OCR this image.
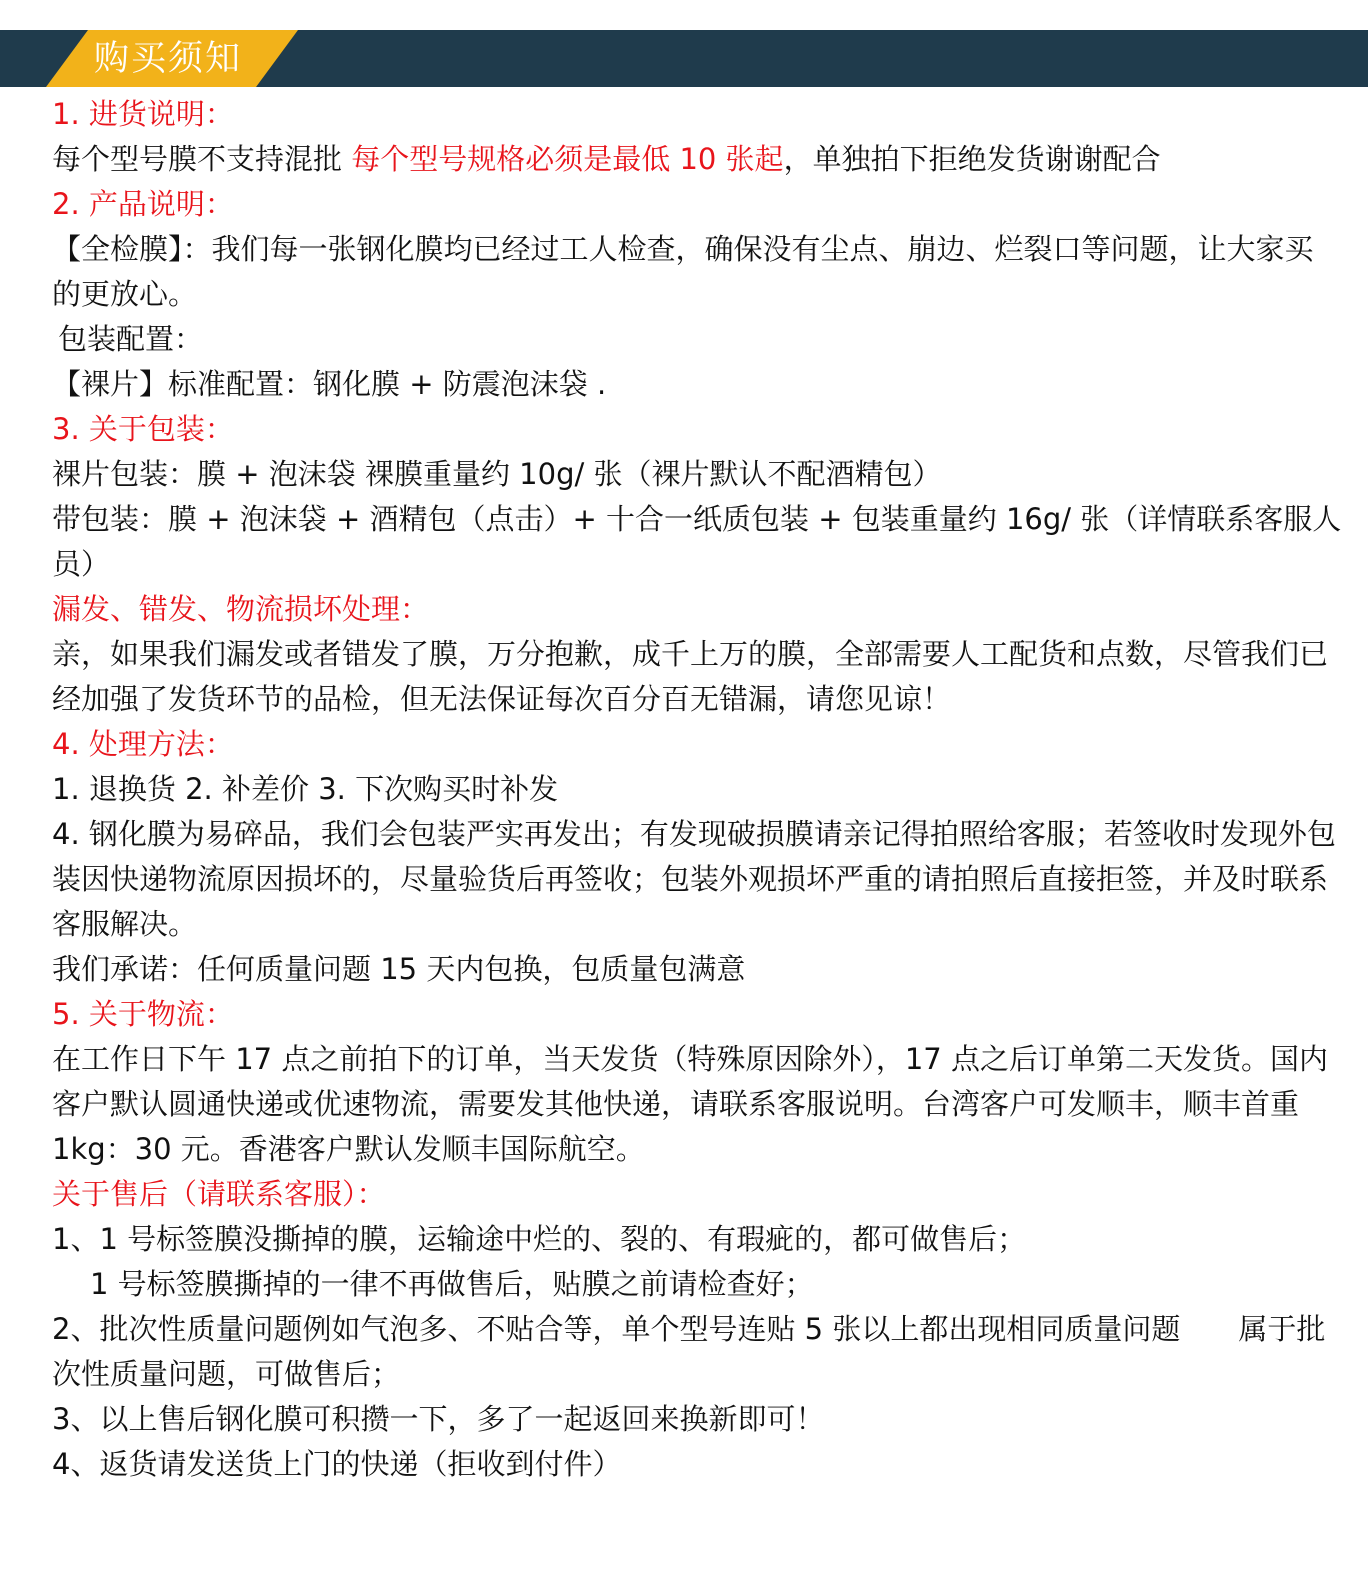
购买须知

1. 进货说明：

每个型号膜不支持混批 每个型号规格必须是最低 10 张起，单独拍下拒绝发货谢谢配合

2. 产品说明：

【全检膜】：我们每一张钢化膜均已经过工人检查，确保没有尘点、崩边、烂裂口等问题，让大家买的更放心。

包装配置：

【裸片】标准配置：钢化膜 + 防震泡沫袋 .

3. 关于包装：

裸片包装：膜 + 泡沫袋 裸膜重量约 10g/ 张（裸片默认不配酒精包）

带包装：膜 + 泡沫袋 + 酒精包（点击）+ 十合一纸质包装 + 包装重量约 16g/ 张（详情联系客服人员）

漏发、错发、物流损坏处理：

亲，如果我们漏发或者错发了膜，万分抱歉，成千上万的膜，全部需要人工配货和点数，尽管我们已经加强了发货环节的品检，但无法保证每次百分百无错漏，请您见谅！

4. 处理方法：

1. 退换货 2. 补差价 3. 下次购买时补发

4. 钢化膜为易碎品，我们会包装严实再发出；有发现破损膜请亲记得拍照给客服；若签收时发现外包装因快递物流原因损坏的，尽量验货后再签收；包装外观损坏严重的请拍照后直接拒签，并及时联系客服解决。

我们承诺：任何质量问题 15 天内包换，包质量包满意

5. 关于物流：

在工作日下午 17 点之前拍下的订单，当天发货（特殊原因除外），17 点之后订单第二天发货。国内客户默认圆通快递或优速物流，需要发其他快递，请联系客服说明。台湾客户可发顺丰，顺丰首重 1kg：30 元。香港客户默认发顺丰国际航空。

关于售后（请联系客服）：

1、1 号标签膜没撕掉的膜，运输途中烂的、裂的、有瑕疵的，都可做售后；

1 号标签膜撕掉的一律不再做售后，贴膜之前请检查好；

2、批次性质量问题例如气泡多、不贴合等，单个型号连贴 5 张以上都出现相同质量问题　　属于批次性质量问题，可做售后；

3、以上售后钢化膜可积攒一下，多了一起返回来换新即可！

4、返货请发送货上门的快递（拒收到付件）
